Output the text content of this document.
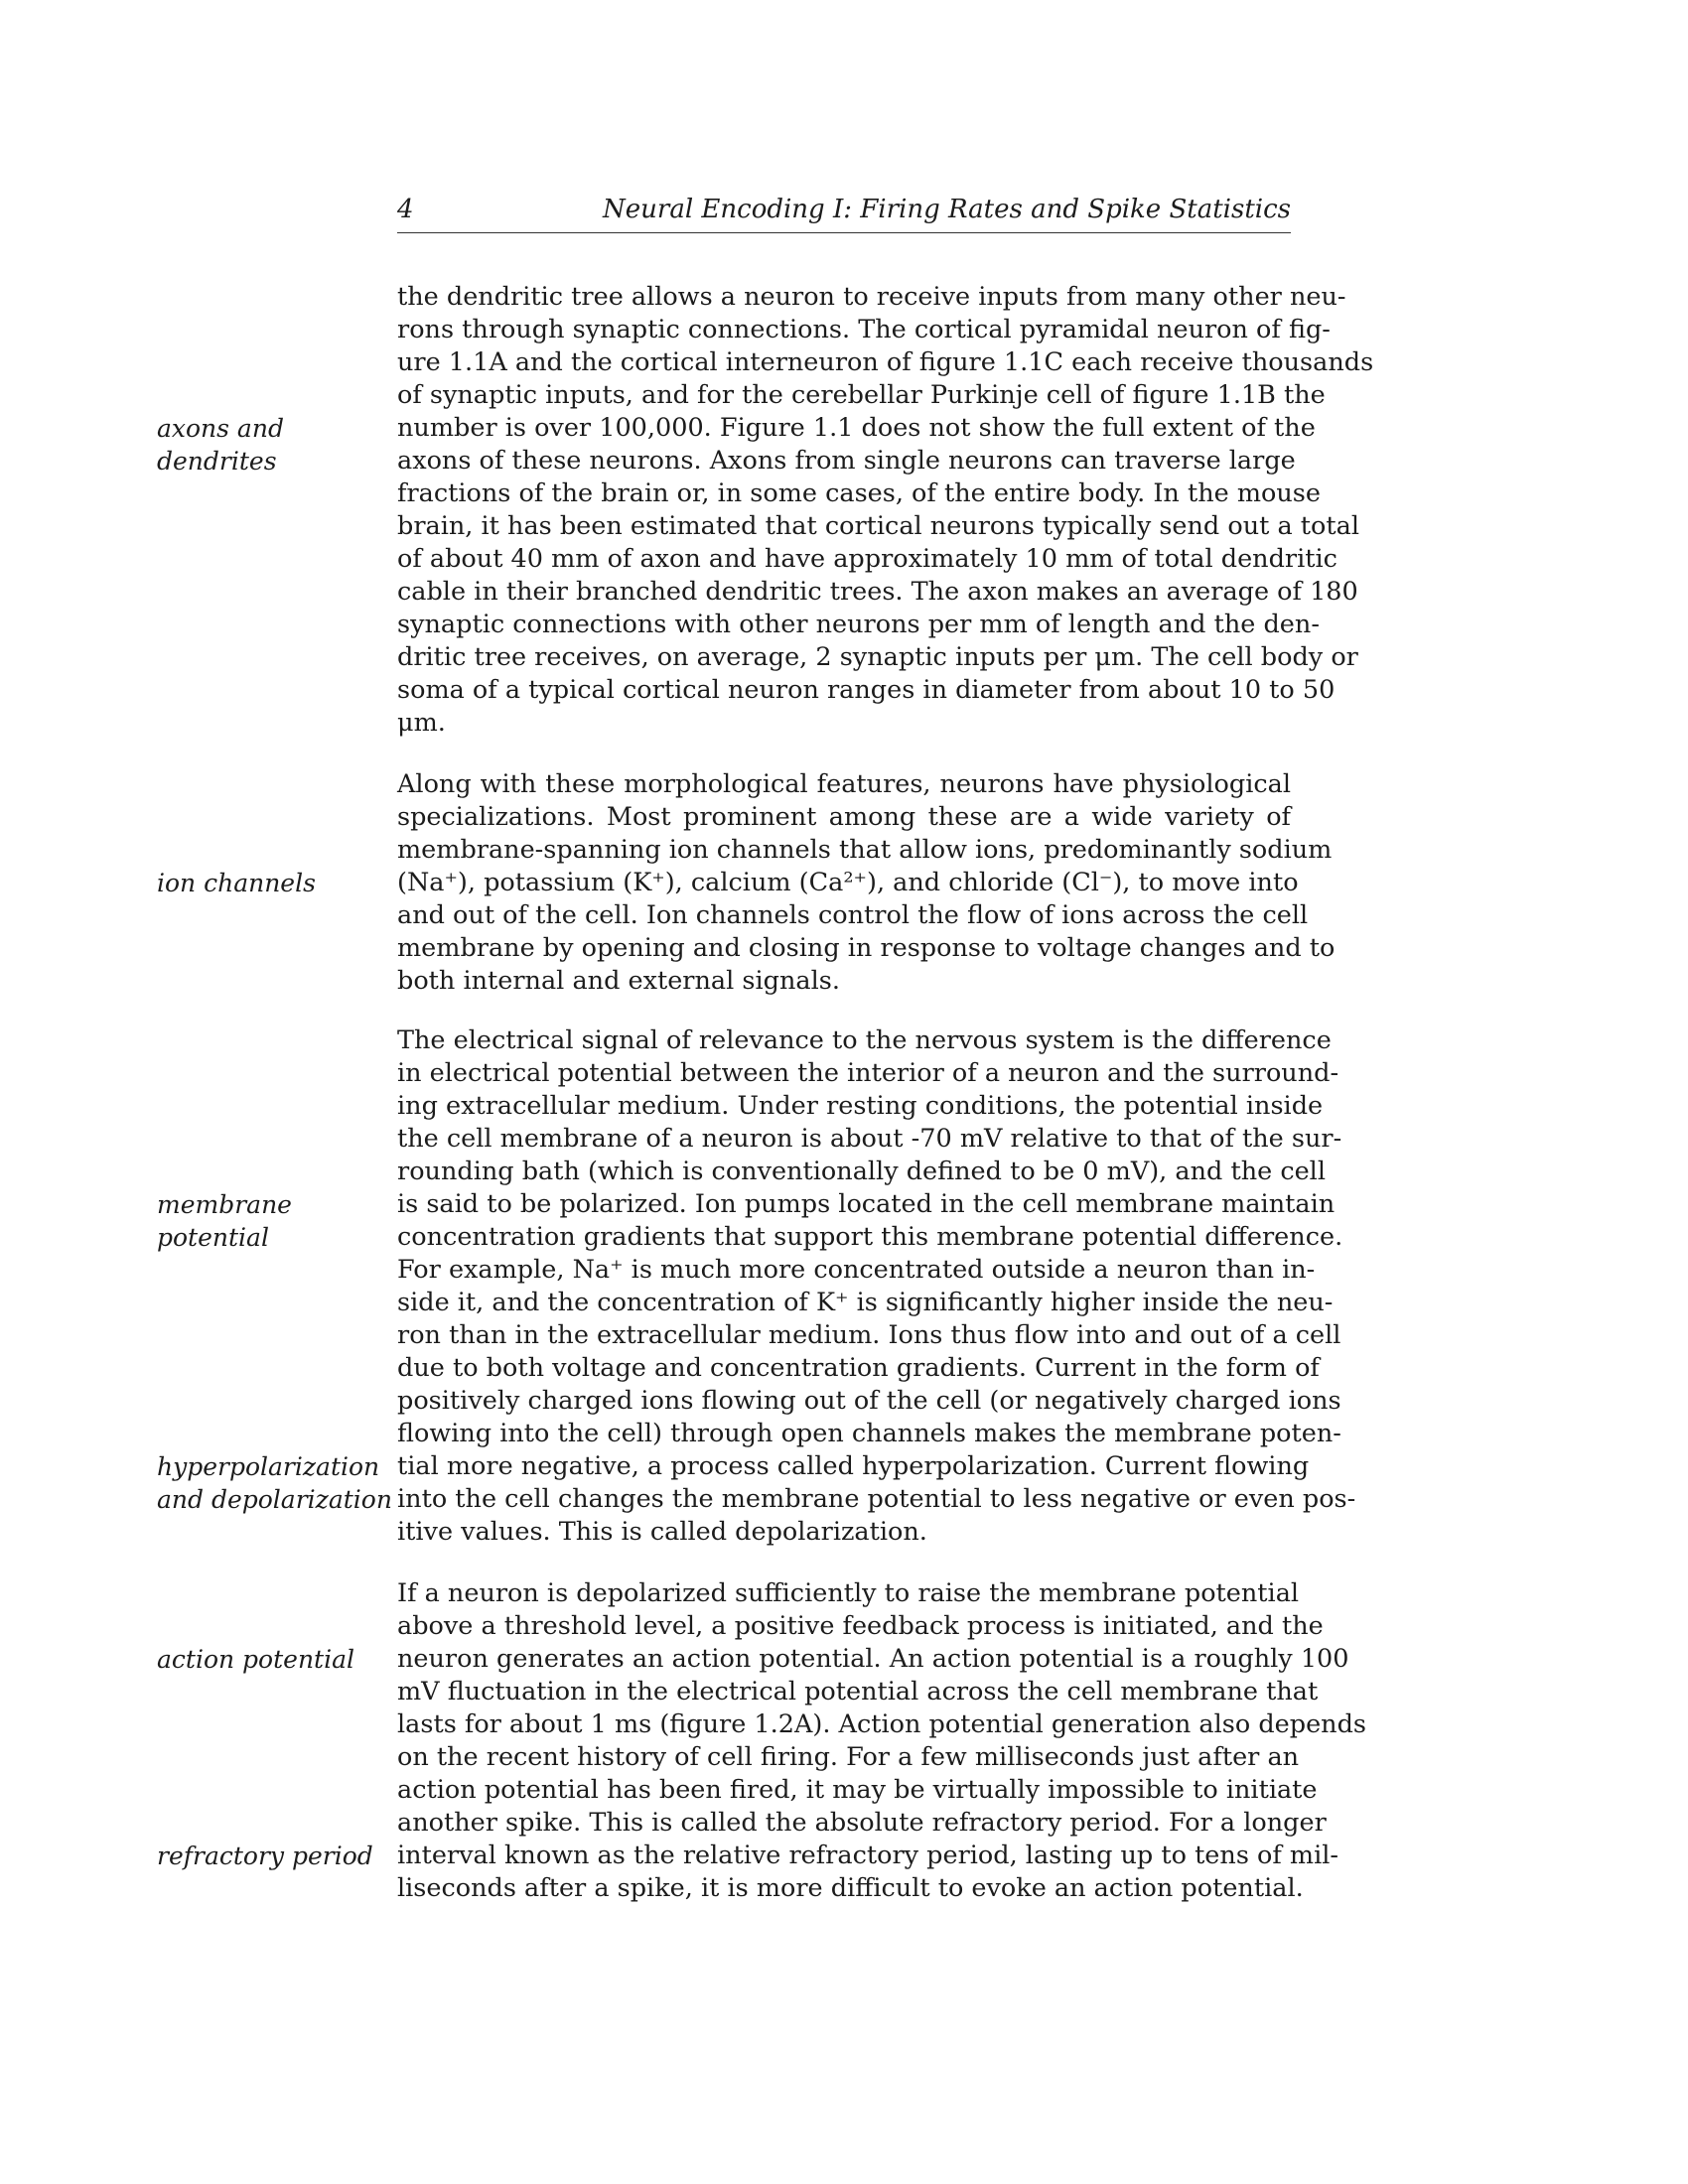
4	Neural Encoding I: Firing Rates and Spike Statistics
the dendritic tree allows a neuron to receive inputs from many other neu-
rons through synaptic connections. The cortical pyramidal neuron of fig-
ure 1.1A and the cortical interneuron of figure 1.1C each receive thousands
of synaptic inputs, and for the cerebellar Purkinje cell of figure 1.1B the
number is over 100,000. Figure 1.1 does not show the full extent of the
axons of these neurons. Axons from single neurons can traverse large
fractions of the brain or, in some cases, of the entire body. In the mouse
brain, it has been estimated that cortical neurons typically send out a total
of about 40 mm of axon and have approximately 10 mm of total dendritic
cable in their branched dendritic trees. The axon makes an average of 180
synaptic connections with other neurons per mm of length and the den-
dritic tree receives, on average, 2 synaptic inputs per μm. The cell body or
soma of a typical cortical neuron ranges in diameter from about 10 to 50
μm.
Along with these morphological features, neurons have physiological
specializations. Most prominent among these are a wide variety of
membrane-spanning ion channels that allow ions, predominantly sodium
(Na⁺), potassium (K⁺), calcium (Ca²⁺), and chloride (Cl⁻), to move into
and out of the cell. Ion channels control the flow of ions across the cell
membrane by opening and closing in response to voltage changes and to
both internal and external signals.
The electrical signal of relevance to the nervous system is the difference
in electrical potential between the interior of a neuron and the surround-
ing extracellular medium. Under resting conditions, the potential inside
the cell membrane of a neuron is about -70 mV relative to that of the sur-
rounding bath (which is conventionally defined to be 0 mV), and the cell
is said to be polarized. Ion pumps located in the cell membrane maintain
concentration gradients that support this membrane potential difference.
For example, Na⁺ is much more concentrated outside a neuron than in-
side it, and the concentration of K⁺ is significantly higher inside the neu-
ron than in the extracellular medium. Ions thus flow into and out of a cell
due to both voltage and concentration gradients. Current in the form of
positively charged ions flowing out of the cell (or negatively charged ions
flowing into the cell) through open channels makes the membrane poten-
tial more negative, a process called hyperpolarization. Current flowing
into the cell changes the membrane potential to less negative or even pos-
itive values. This is called depolarization.
If a neuron is depolarized sufficiently to raise the membrane potential
above a threshold level, a positive feedback process is initiated, and the
neuron generates an action potential. An action potential is a roughly 100
mV fluctuation in the electrical potential across the cell membrane that
lasts for about 1 ms (figure 1.2A). Action potential generation also depends
on the recent history of cell firing. For a few milliseconds just after an
action potential has been fired, it may be virtually impossible to initiate
another spike. This is called the absolute refractory period. For a longer
interval known as the relative refractory period, lasting up to tens of mil-
liseconds after a spike, it is more difficult to evoke an action potential.
axons and
dendrites
ion channels
membrane
potential
hyperpolarization
and depolarization
action potential
refractory period
